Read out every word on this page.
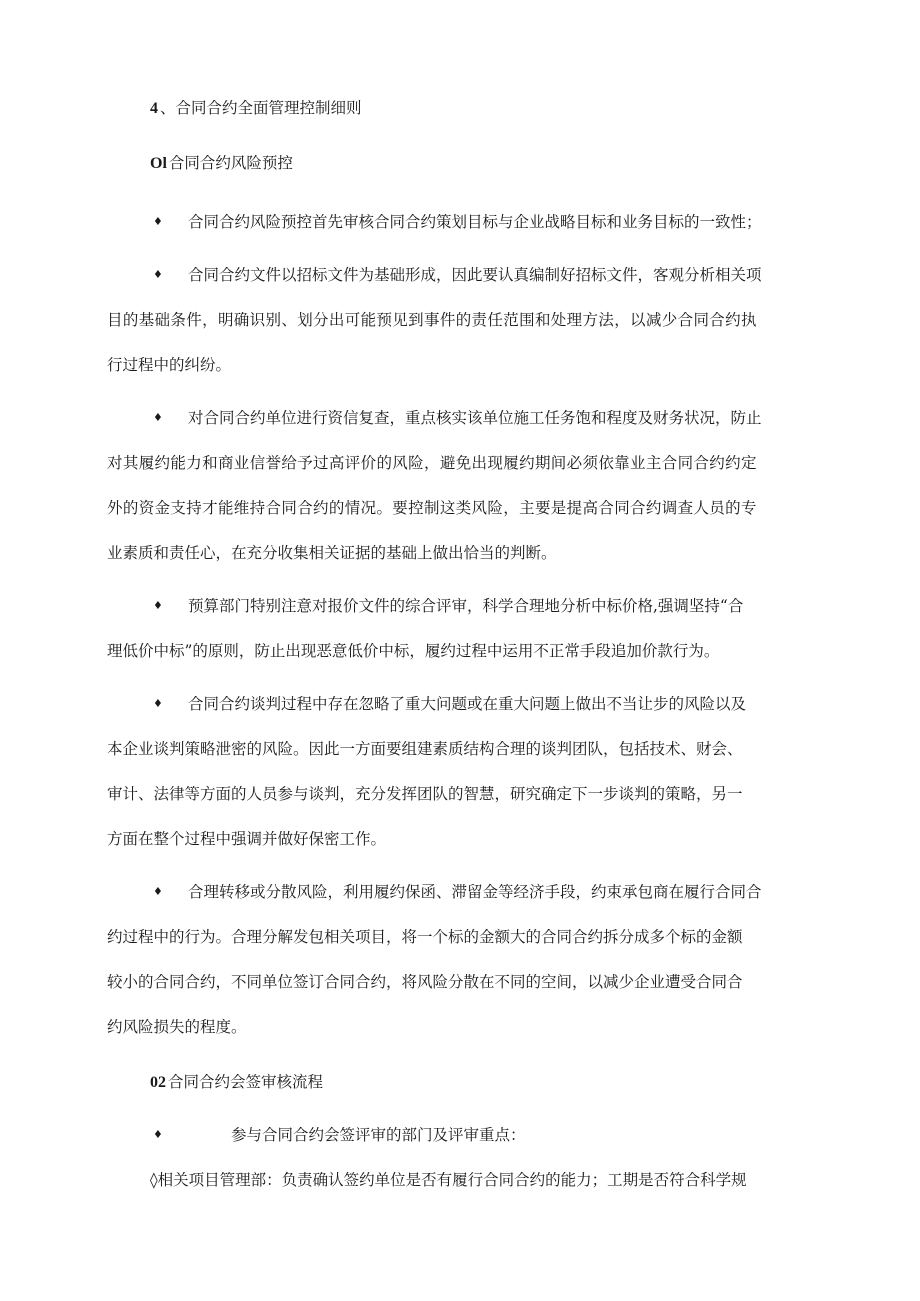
4 、合同合约全面管理控制细则
Ol 合同合约风险预控
♦ 合同合约风险预控首先审核合同合约策划目标与企业战略目标和业务目标的一致性；
♦ 合同合约文件以招标文件为基础形成，因此要认真编制好招标文件，客观分析相关项
目的基础条件，明确识别、划分出可能预见到事件的责任范围和处理方法，以减少合同合约执
行过程中的纠纷。
♦ 对合同合约单位进行资信复查，重点核实该单位施工任务饱和程度及财务状况，防止
对其履约能力和商业信誉给予过高评价的风险，避免出现履约期间必须依靠业主合同合约约定
外的资金支持才能维持合同合约的情况。要控制这类风险，主要是提高合同合约调查人员的专
业素质和责任心，在充分收集相关证据的基础上做出恰当的判断。
♦ 预算部门特别注意对报价文件的综合评审，科学合理地分析中标价格,强调坚持“合
理低价中标”的原则，防止出现恶意低价中标，履约过程中运用不正常手段追加价款行为。
♦ 合同合约谈判过程中存在忽略了重大问题或在重大问题上做出不当让步的风险以及
本企业谈判策略泄密的风险。因此一方面要组建素质结构合理的谈判团队，包括技术、财会、
审计、法律等方面的人员参与谈判，充分发挥团队的智慧，研究确定下一步谈判的策略，另一
方面在整个过程中强调并做好保密工作。
♦ 合理转移或分散风险，利用履约保函、滞留金等经济手段，约束承包商在履行合同合
约过程中的行为。合理分解发包相关项目，将一个标的金额大的合同合约拆分成多个标的金额
较小的合同合约，不同单位签订合同合约，将风险分散在不同的空间，以减少企业遭受合同合
约风险损失的程度。
02 合同合约会签审核流程
♦	参与合同合约会签评审的部门及评审重点：
◊相关项目管理部：负责确认签约单位是否有履行合同合约的能力；工期是否符合科学规
